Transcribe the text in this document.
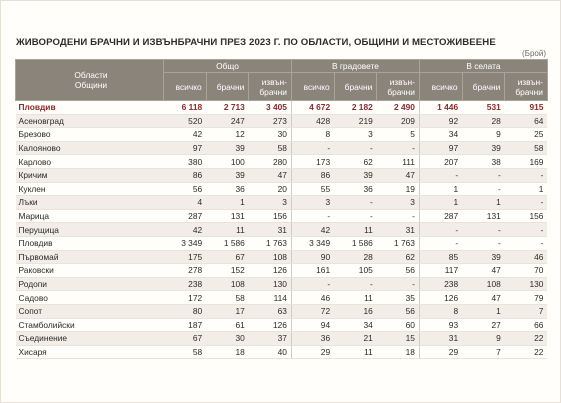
ЖИВОРОДЕНИ БРАЧНИ И ИЗВЪНБРАЧНИ ПРЕЗ 2023 Г. ПО ОБЛАСТИ, ОБЩИНИ И МЕСТОЖИВЕЕНЕ
(Брой)
Области
Общини	Общо			В градовете			В селата		
	всичко	брачни	извън-брачни	всичко	брачни	извън-брачни	всичко	брачни	извън-брачни
Пловдив	6 118	2 713	3 405	4 672	2 182	2 490	1 446	531	915
Асеновград	520	247	273	428	219	209	92	28	64
Брезово	42	12	30	8	3	5	34	9	25
Калояново	97	39	58	-	-	-	97	39	58
Карлово	380	100	280	173	62	111	207	38	169
Кричим	86	39	47	86	39	47	-	-	-
Куклен	56	36	20	55	36	19	1	-	1
Лъки	4	1	3	3	-	3	1	1	-
Марица	287	131	156	-	-	-	287	131	156
Перущица	42	11	31	42	11	31	-	-	-
Пловдив	3 349	1 586	1 763	3 349	1 586	1 763	-	-	-
Първомай	175	67	108	90	28	62	85	39	46
Раковски	278	152	126	161	105	56	117	47	70
Родопи	238	108	130	-	-	-	238	108	130
Садово	172	58	114	46	11	35	126	47	79
Сопот	80	17	63	72	16	56	8	1	7
Стамболийски	187	61	126	94	34	60	93	27	66
Съединение	67	30	37	36	21	15	31	9	22
Хисаря	58	18	40	29	11	18	29	7	22
